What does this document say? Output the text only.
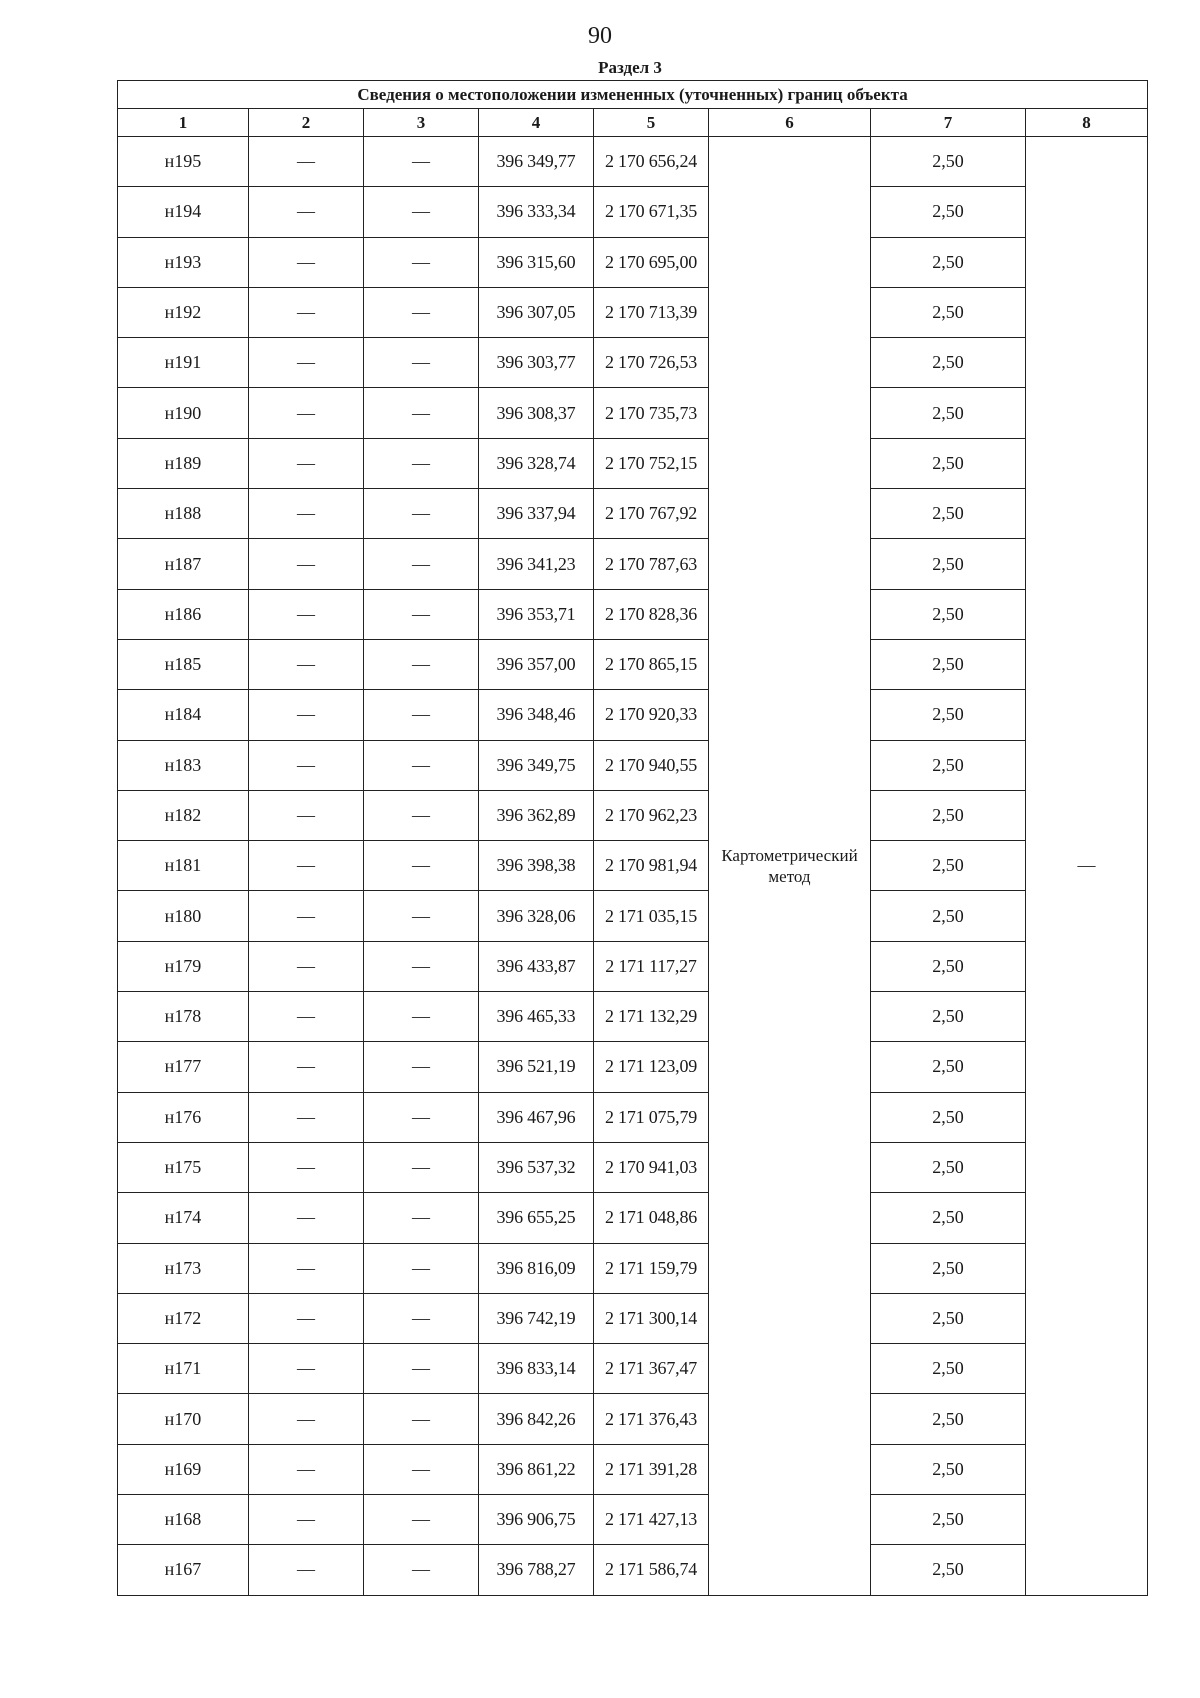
90
Раздел 3
Сведения о местоположении измененных (уточненных) границ объекта							
1	2	3	4	5	6	7	8
н195	—	—	396 349,77	2 170 656,24	Картометрический метод	2,50	—
н194	—	—	396 333,34	2 170 671,35		2,50	
н193	—	—	396 315,60	2 170 695,00		2,50	
н192	—	—	396 307,05	2 170 713,39		2,50	
н191	—	—	396 303,77	2 170 726,53		2,50	
н190	—	—	396 308,37	2 170 735,73		2,50	
н189	—	—	396 328,74	2 170 752,15		2,50	
н188	—	—	396 337,94	2 170 767,92		2,50	
н187	—	—	396 341,23	2 170 787,63		2,50	
н186	—	—	396 353,71	2 170 828,36		2,50	
н185	—	—	396 357,00	2 170 865,15		2,50	
н184	—	—	396 348,46	2 170 920,33		2,50	
н183	—	—	396 349,75	2 170 940,55		2,50	
н182	—	—	396 362,89	2 170 962,23		2,50	
н181	—	—	396 398,38	2 170 981,94		2,50	
н180	—	—	396 328,06	2 171 035,15		2,50	
н179	—	—	396 433,87	2 171 117,27		2,50	
н178	—	—	396 465,33	2 171 132,29		2,50	
н177	—	—	396 521,19	2 171 123,09		2,50	
н176	—	—	396 467,96	2 171 075,79		2,50	
н175	—	—	396 537,32	2 170 941,03		2,50	
н174	—	—	396 655,25	2 171 048,86		2,50	
н173	—	—	396 816,09	2 171 159,79		2,50	
н172	—	—	396 742,19	2 171 300,14		2,50	
н171	—	—	396 833,14	2 171 367,47		2,50	
н170	—	—	396 842,26	2 171 376,43		2,50	
н169	—	—	396 861,22	2 171 391,28		2,50	
н168	—	—	396 906,75	2 171 427,13		2,50	
н167	—	—	396 788,27	2 171 586,74		2,50	
